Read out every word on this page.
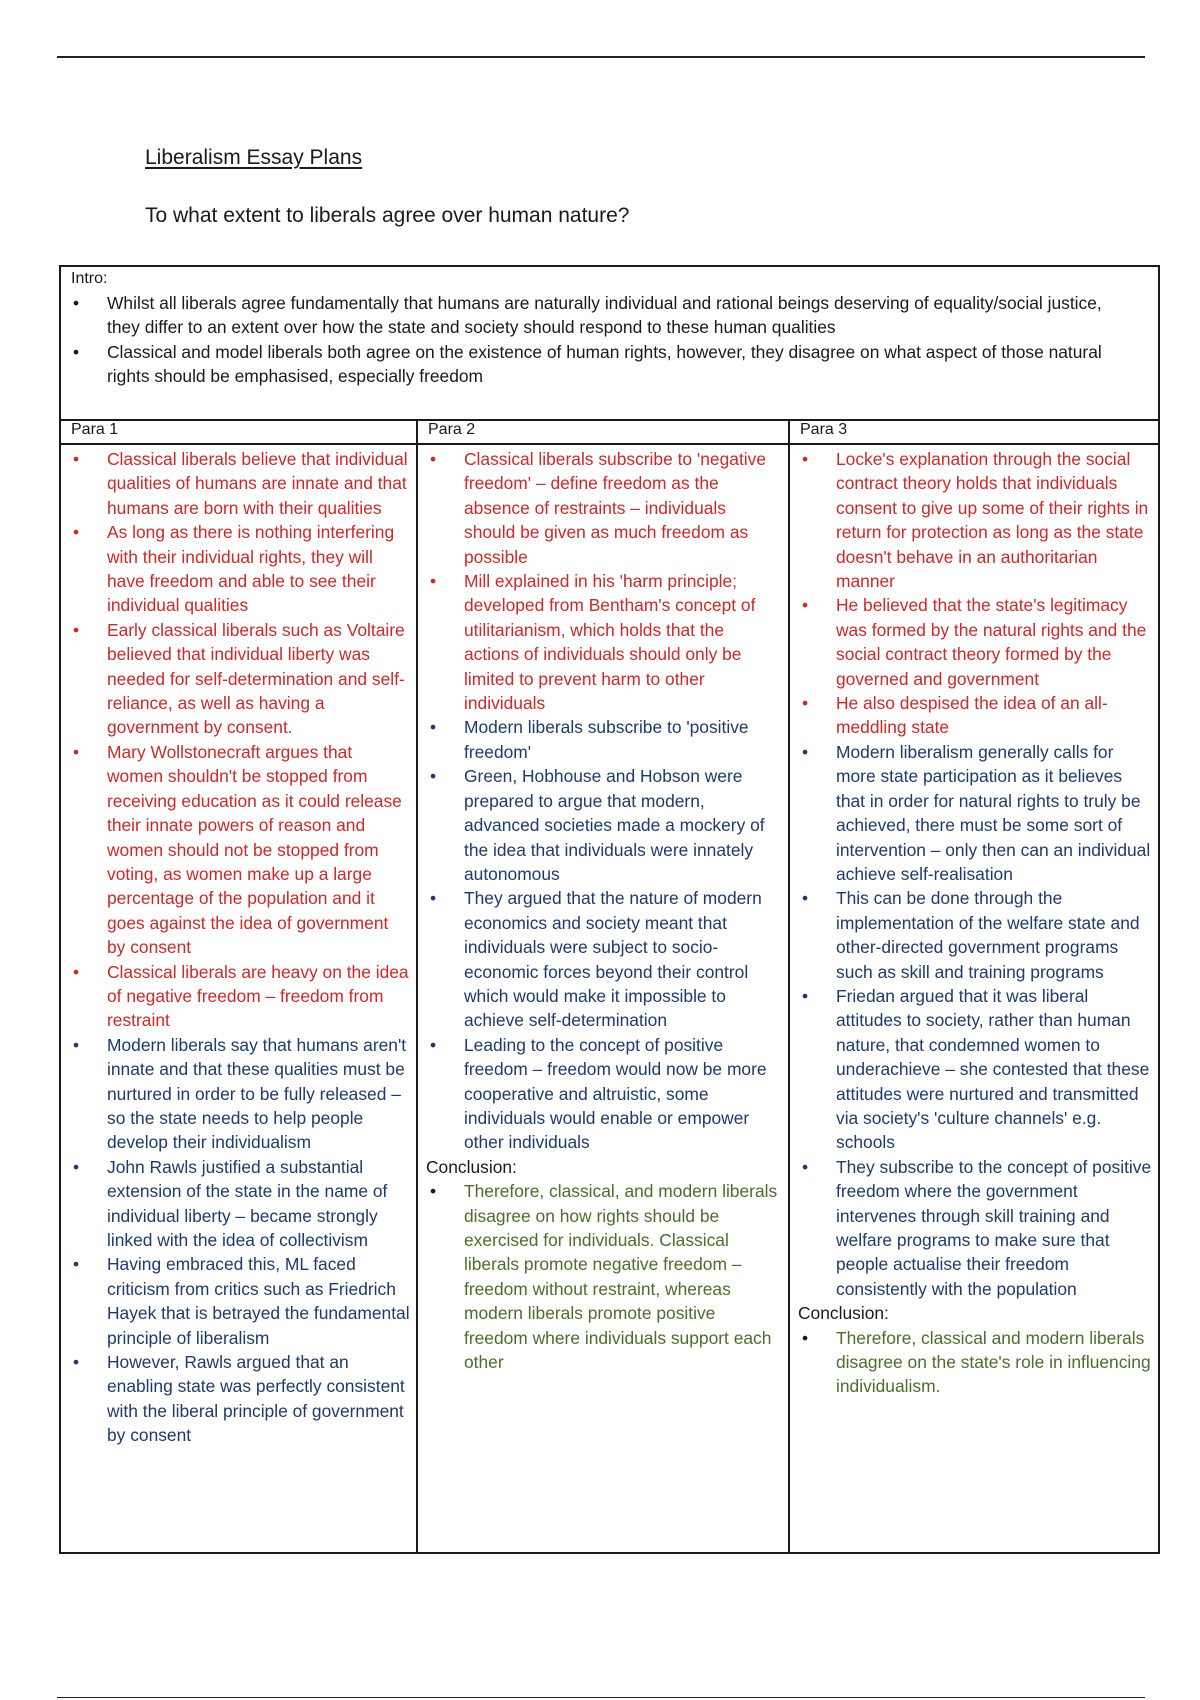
Liberalism Essay Plans

To what extent to liberals agree over human nature?

Intro:
• Whilst all liberals agree fundamentally that humans are naturally individual and rational beings deserving of equality/social justice, they differ to an extent over how the state and society should respond to these human qualities
• Classical and model liberals both agree on the existence of human rights, however, they disagree on what aspect of those natural rights should be emphasised, especially freedom
Para 1
• Classical liberals believe that individual qualities of humans are innate and that humans are born with their qualities
• As long as there is nothing interfering with their individual rights, they will have freedom and able to see their individual qualities
• Early classical liberals such as Voltaire believed that individual liberty was needed for self-determination and self-reliance, as well as having a government by consent.
• Mary Wollstonecraft argues that women shouldn't be stopped from receiving education as it could release their innate powers of reason and women should not be stopped from voting, as women make up a large percentage of the population and it goes against the idea of government by consent
• Classical liberals are heavy on the idea of negative freedom – freedom from restraint
• Modern liberals say that humans aren't innate and that these qualities must be nurtured in order to be fully released – so the state needs to help people develop their individualism
• John Rawls justified a substantial extension of the state in the name of individual liberty – became strongly linked with the idea of collectivism
• Having embraced this, ML faced criticism from critics such as Friedrich Hayek that is betrayed the fundamental principle of liberalism
• However, Rawls argued that an enabling state was perfectly consistent with the liberal principle of government by consent
Para 2
• Classical liberals subscribe to 'negative freedom' – define freedom as the absence of restraints – individuals should be given as much freedom as possible
• Mill explained in his 'harm principle; developed from Bentham's concept of utilitarianism, which holds that the actions of individuals should only be limited to prevent harm to other individuals
• Modern liberals subscribe to 'positive freedom'
• Green, Hobhouse and Hobson were prepared to argue that modern, advanced societies made a mockery of the idea that individuals were innately autonomous
• They argued that the nature of modern economics and society meant that individuals were subject to socio-economic forces beyond their control which would make it impossible to achieve self-determination
• Leading to the concept of positive freedom – freedom would now be more cooperative and altruistic, some individuals would enable or empower other individuals
Conclusion:
• Therefore, classical, and modern liberals disagree on how rights should be exercised for individuals. Classical liberals promote negative freedom – freedom without restraint, whereas modern liberals promote positive freedom where individuals support each other
Para 3
• Locke's explanation through the social contract theory holds that individuals consent to give up some of their rights in return for protection as long as the state doesn't behave in an authoritarian manner
• He believed that the state's legitimacy was formed by the natural rights and the social contract theory formed by the governed and government
• He also despised the idea of an all-meddling state
• Modern liberalism generally calls for more state participation as it believes that in order for natural rights to truly be achieved, there must be some sort of intervention – only then can an individual achieve self-realisation
• This can be done through the implementation of the welfare state and other-directed government programs such as skill and training programs
• Friedan argued that it was liberal attitudes to society, rather than human nature, that condemned women to underachieve – she contested that these attitudes were nurtured and transmitted via society's 'culture channels' e.g. schools
• They subscribe to the concept of positive freedom where the government intervenes through skill training and welfare programs to make sure that people actualise their freedom consistently with the population
Conclusion:
• Therefore, classical and modern liberals disagree on the state's role in influencing individualism.
